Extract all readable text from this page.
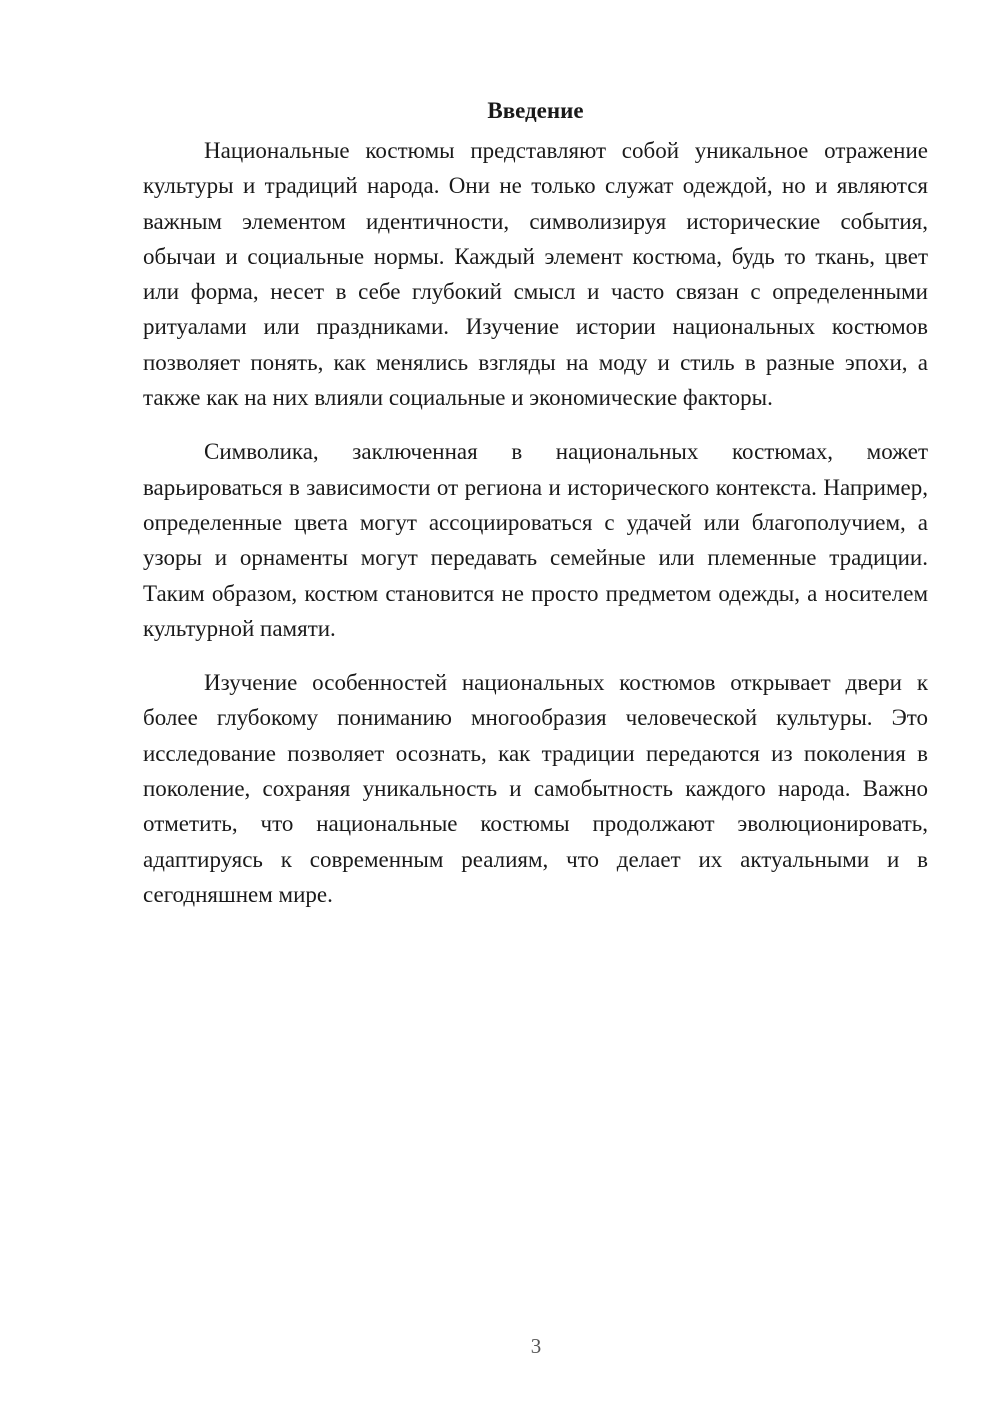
Введение

Национальные костюмы представляют собой уникальное отражение культуры и традиций народа. Они не только служат одеждой, но и являются важным элементом идентичности, символизируя исторические события, обычаи и социальные нормы. Каждый элемент костюма, будь то ткань, цвет или форма, несет в себе глубокий смысл и часто связан с определенными ритуалами или праздниками. Изучение истории национальных костюмов позволяет понять, как менялись взгляды на моду и стиль в разные эпохи, а также как на них влияли социальные и экономические факторы.

Символика, заключенная в национальных костюмах, может варьироваться в зависимости от региона и исторического контекста. Например, определенные цвета могут ассоциироваться с удачей или благополучием, а узоры и орнаменты могут передавать семейные или племенные традиции. Таким образом, костюм становится не просто предметом одежды, а носителем культурной памяти.

Изучение особенностей национальных костюмов открывает двери к более глубокому пониманию многообразия человеческой культуры. Это исследование позволяет осознать, как традиции передаются из поколения в поколение, сохраняя уникальность и самобытность каждого народа. Важно отметить, что национальные костюмы продолжают эволюционировать, адаптируясь к современным реалиям, что делает их актуальными и в сегодняшнем мире.

3
